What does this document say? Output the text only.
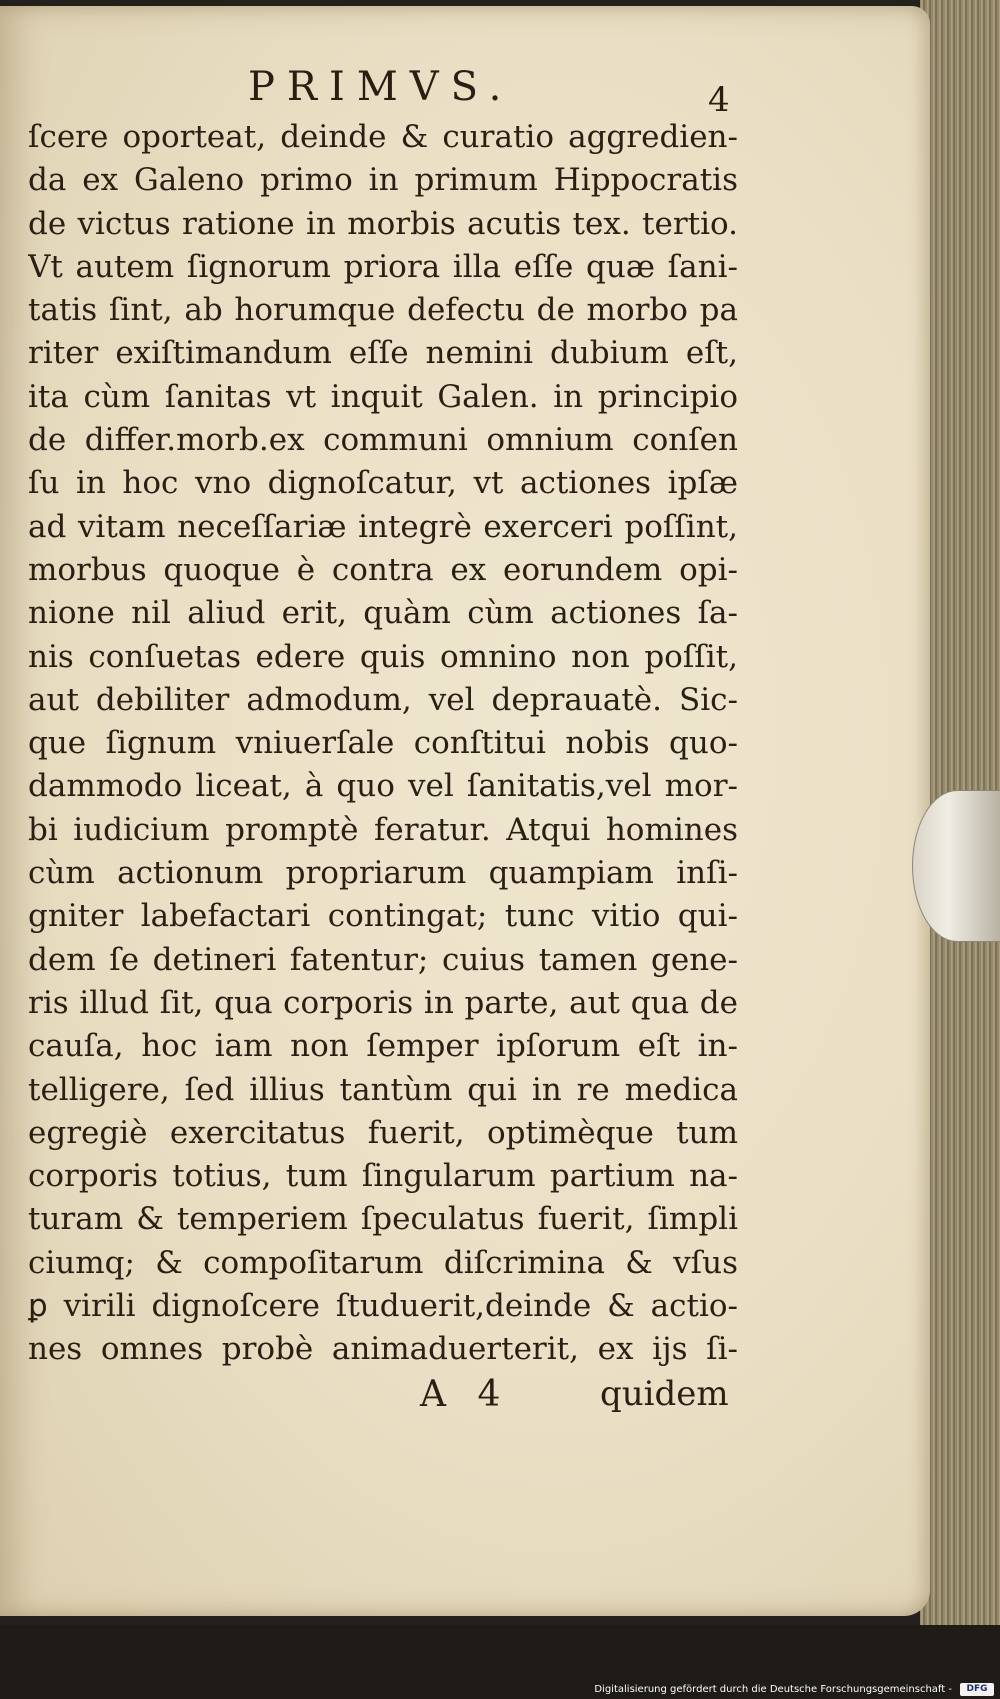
PRIMVS.	4
ſcere oporteat, deinde & curatio aggredien-
da ex Galeno primo in primum Hippocratis
de victus ratione in morbis acutis tex. tertio.
Vt autem ſignorum priora illa eſſe quæ ſani-
tatis ſint, ab horumque defectu de morbo pa
riter exiſtimandum eſſe nemini dubium eſt,
ita cùm ſanitas vt inquit Galen. in principio
de differ.morb.ex communi omnium conſen
ſu in hoc vno dignoſcatur, vt actiones ipſæ
ad vitam neceſſariæ integrè exerceri poſſint,
morbus quoque è contra ex eorundem opi-
nione nil aliud erit, quàm cùm actiones ſa-
nis conſuetas edere quis omnino non poſſit,
aut debiliter admodum, vel deprauatè. Sic-
que ſignum vniuerſale conſtitui nobis quo-
dammodo liceat, à quo vel ſanitatis,vel mor-
bi iudicium promptè feratur. Atqui homines
cùm actionum propriarum quampiam inſi-
gniter labefactari contingat; tunc vitio qui-
dem ſe detineri fatentur; cuius tamen gene-
ris illud ſit, qua corporis in parte, aut qua de
cauſa, hoc iam non ſemper ipſorum eſt in-
telligere, ſed illius tantùm qui in re medica
egregiè exercitatus fuerit, optimèque tum
corporis totius, tum ſingularum partium na-
turam & temperiem ſpeculatus fuerit, ſimpli
ciumq; & compoſitarum diſcrimina & vſus
ꝑ virili dignoſcere ſtuduerit,deinde & actio-
nes omnes probè animaduerterit, ex ijs ſi-
A 4	quidem
Digitalisierung gefördert durch die Deutsche Forschungsgemeinschaft -	DFG
